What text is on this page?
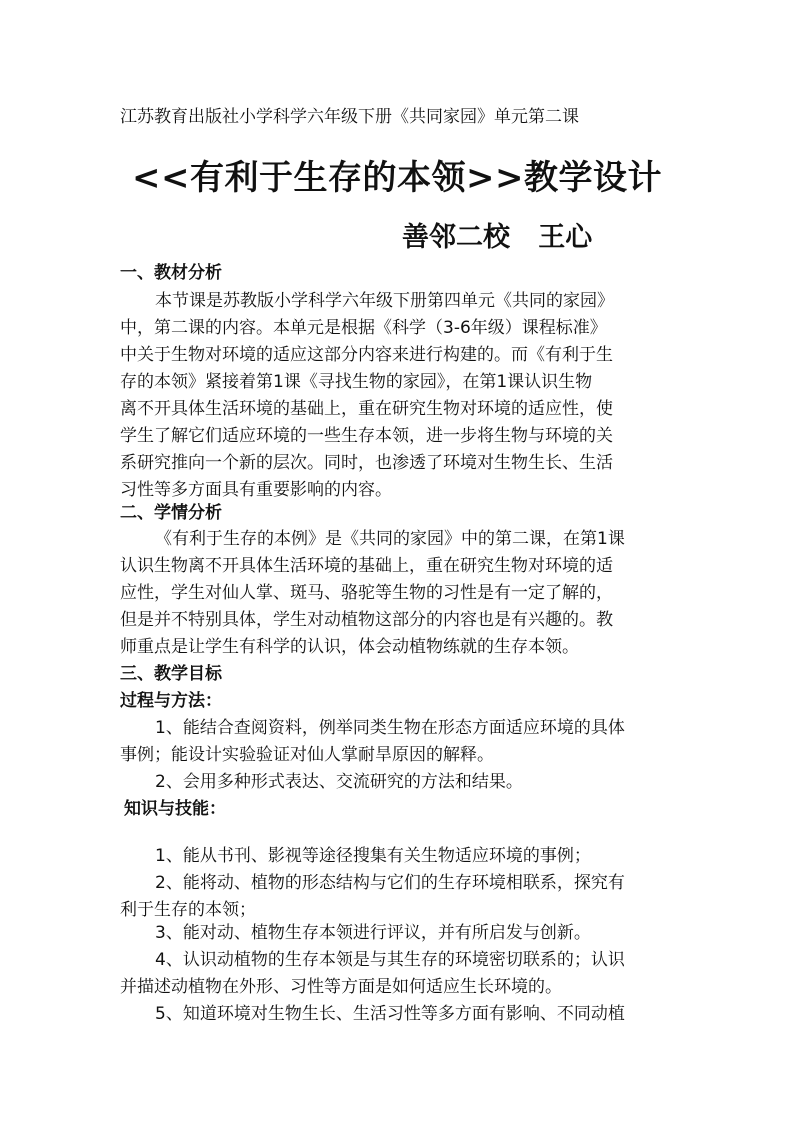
江苏教育出版社小学科学六年级下册《共同家园》单元第二课
<<有利于生存的本领>>教学设计
善邻二校   王心
一、教材分析
本节课是苏教版小学科学六年级下册第四单元《共同的家园》
中，第二课的内容。本单元是根据《科学（3-6年级）课程标准》
中关于生物对环境的适应这部分内容来进行构建的。而《有利于生
存的本领》紧接着第1课《寻找生物的家园》，在第1课认识生物
离不开具体生活环境的基础上，重在研究生物对环境的适应性，使
学生了解它们适应环境的一些生存本领，进一步将生物与环境的关
系研究推向一个新的层次。同时，也渗透了环境对生物生长、生活
习性等多方面具有重要影响的内容。
二、学情分析
《有利于生存的本例》是《共同的家园》中的第二课，在第1课
认识生物离不开具体生活环境的基础上，重在研究生物对环境的适
应性，学生对仙人掌、斑马、骆驼等生物的习性是有一定了解的，
但是并不特别具体，学生对动植物这部分的内容也是有兴趣的。教
师重点是让学生有科学的认识，体会动植物练就的生存本领。
三、教学目标
过程与方法：
1、能结合查阅资料，例举同类生物在形态方面适应环境的具体
事例；能设计实验验证对仙人掌耐旱原因的解释。
2、会用多种形式表达、交流研究的方法和结果。
知识与技能：
1、能从书刊、影视等途径搜集有关生物适应环境的事例；
2、能将动、植物的形态结构与它们的生存环境相联系，探究有
利于生存的本领；
3、能对动、植物生存本领进行评议，并有所启发与创新。
4、认识动植物的生存本领是与其生存的环境密切联系的；认识
并描述动植物在外形、习性等方面是如何适应生长环境的。
5、知道环境对生物生长、生活习性等多方面有影响、不同动植
